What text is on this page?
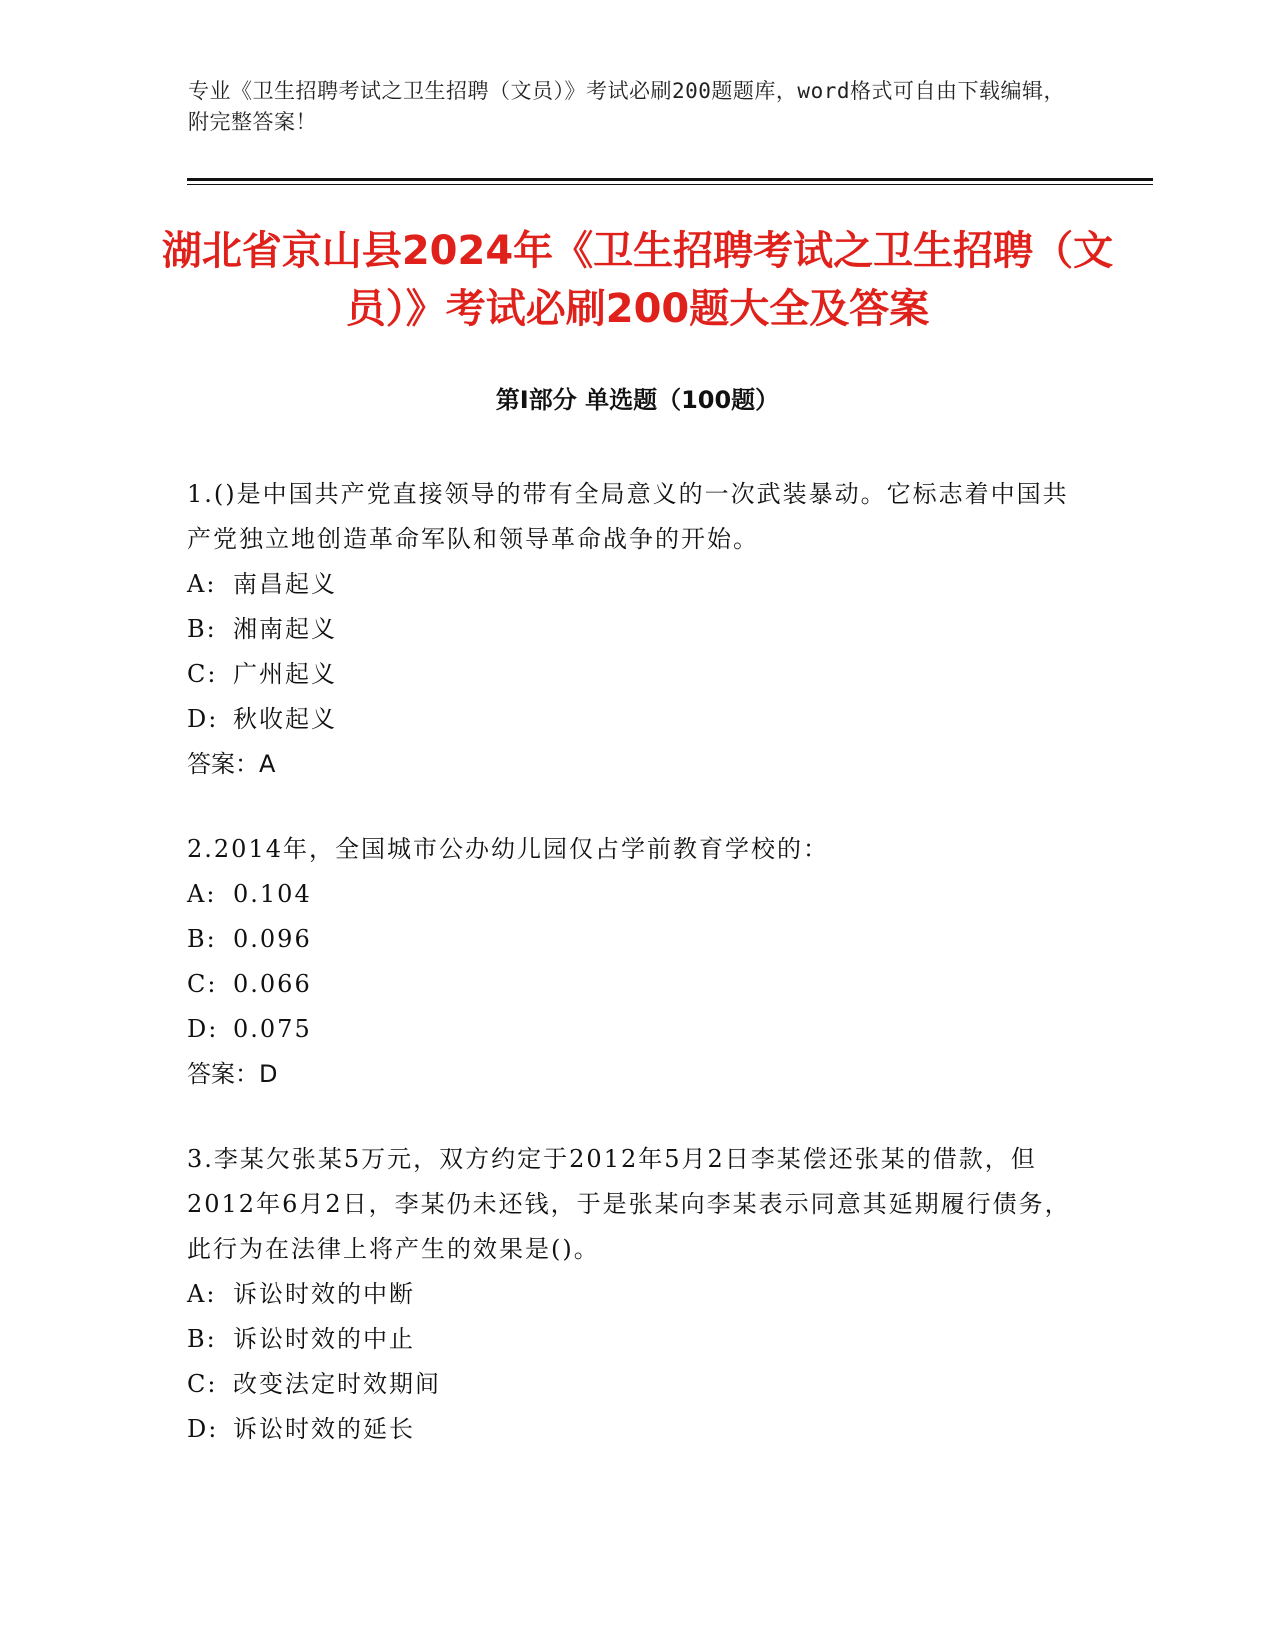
专业《卫生招聘考试之卫生招聘（文员）》考试必刷200题题库，word格式可自由下载编辑，附完整答案！
湖北省京山县2024年《卫生招聘考试之卫生招聘（文员）》考试必刷200题大全及答案
第Ⅰ部分 单选题（100题）
1.()是中国共产党直接领导的带有全局意义的一次武装暴动。它标志着中国共产党独立地创造革命军队和领导革命战争的开始。
A: 南昌起义
B: 湘南起义
C: 广州起义
D: 秋收起义
答案：A
2.2014年，全国城市公办幼儿园仅占学前教育学校的：
A: 0.104
B: 0.096
C: 0.066
D: 0.075
答案：D
3.李某欠张某5万元，双方约定于2012年5月2日李某偿还张某的借款，但2012年6月2日，李某仍未还钱，于是张某向李某表示同意其延期履行债务，此行为在法律上将产生的效果是()。
A: 诉讼时效的中断
B: 诉讼时效的中止
C: 改变法定时效期间
D: 诉讼时效的延长
